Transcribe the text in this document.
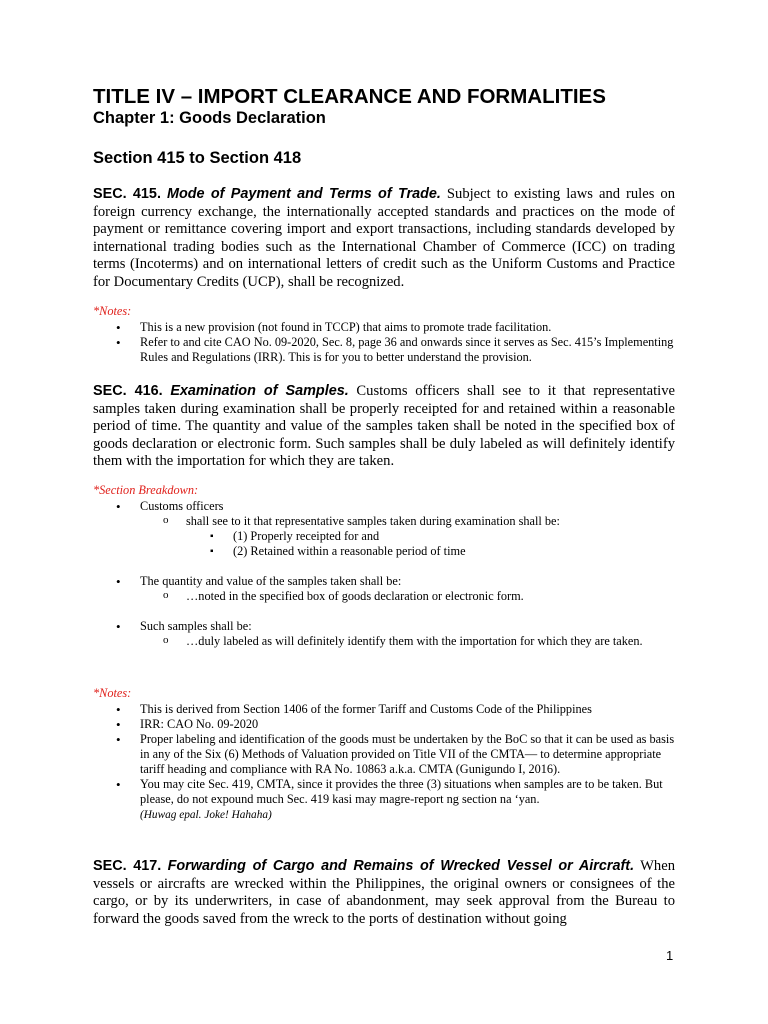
TITLE IV – IMPORT CLEARANCE AND FORMALITIES
Chapter 1: Goods Declaration
Section 415 to Section 418

SEC. 415. Mode of Payment and Terms of Trade. Subject to existing laws and rules on foreign currency exchange, the internationally accepted standards and practices on the mode of payment or remittance covering import and export transactions, including standards developed by international trading bodies such as the International Chamber of Commerce (ICC) on trading terms (Incoterms) and on international letters of credit such as the Uniform Customs and Practice for Documentary Credits (UCP), shall be recognized.

*Notes:

• This is a new provision (not found in TCCP) that aims to promote trade facilitation.
• Refer to and cite CAO No. 09-2020, Sec. 8, page 36 and onwards since it serves as Sec. 415’s Implementing Rules and Regulations (IRR). This is for you to better understand the provision.

SEC. 416. Examination of Samples. Customs officers shall see to it that representative samples taken during examination shall be properly receipted for and retained within a reasonable period of time. The quantity and value of the samples taken shall be noted in the specified box of goods declaration or electronic form. Such samples shall be duly labeled as will definitely identify them with the importation for which they are taken.

*Section Breakdown:

• Customs officers
o shall see to it that representative samples taken during examination shall be:
▪ (1) Properly receipted for and
▪ (2) Retained within a reasonable period of time
• The quantity and value of the samples taken shall be:
o …noted in the specified box of goods declaration or electronic form.
• Such samples shall be:
o …duly labeled as will definitely identify them with the importation for which they are taken.

*Notes:

• This is derived from Section 1406 of the former Tariff and Customs Code of the Philippines
• IRR: CAO No. 09-2020
• Proper labeling and identification of the goods must be undertaken by the BoC so that it can be used as basis in any of the Six (6) Methods of Valuation provided on Title VII of the CMTA— to determine appropriate tariff heading and compliance with RA No. 10863 a.k.a. CMTA (Gunigundo I, 2016).
• You may cite Sec. 419, CMTA, since it provides the three (3) situations when samples are to be taken. But please, do not expound much Sec. 419 kasi may magre-report ng section na ‘yan.
(Huwag epal. Joke! Hahaha)

SEC. 417. Forwarding of Cargo and Remains of Wrecked Vessel or Aircraft. When vessels or aircrafts are wrecked within the Philippines, the original owners or consignees of the cargo, or by its underwriters, in case of abandonment, may seek approval from the Bureau to forward the goods saved from the wreck to the ports of destination without going

1
